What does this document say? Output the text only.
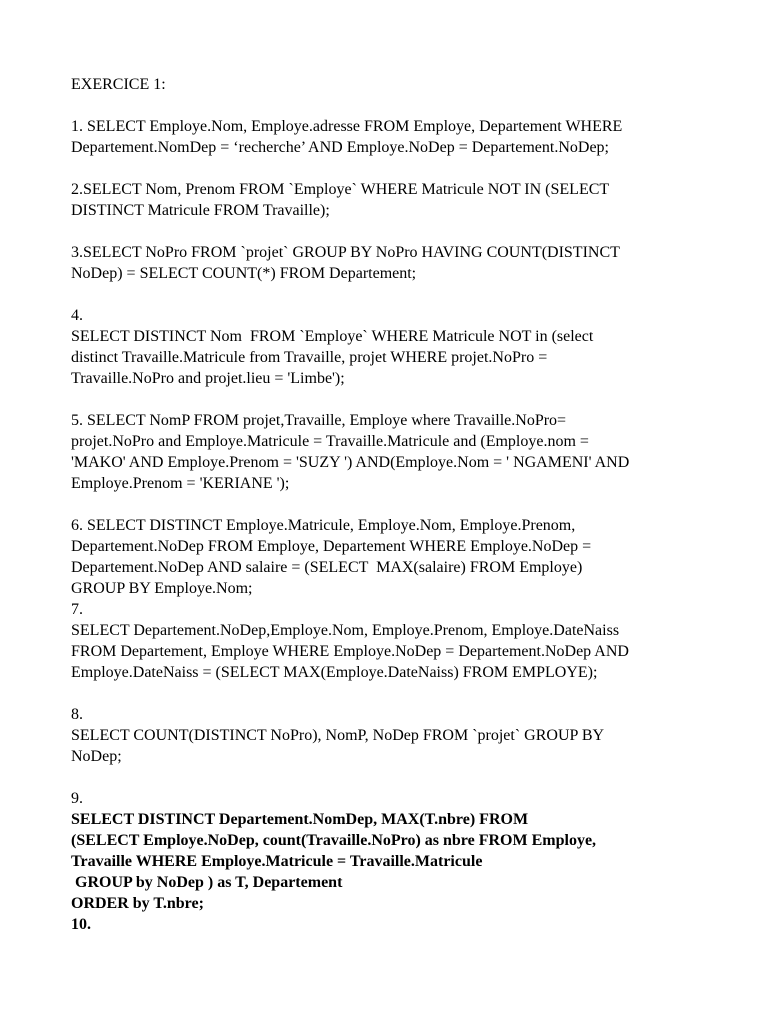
EXERCICE 1:
1. SELECT Employe.Nom, Employe.adresse FROM Employe, Departement WHERE
Departement.NomDep = ‘recherche’ AND Employe.NoDep = Departement.NoDep;
2.SELECT Nom, Prenom FROM `Employe` WHERE Matricule NOT IN (SELECT
DISTINCT Matricule FROM Travaille);
3.SELECT NoPro FROM `projet` GROUP BY NoPro HAVING COUNT(DISTINCT
NoDep) = SELECT COUNT(*) FROM Departement;
4.
SELECT DISTINCT Nom  FROM `Employe` WHERE Matricule NOT in (select
distinct Travaille.Matricule from Travaille, projet WHERE projet.NoPro =
Travaille.NoPro and projet.lieu = 'Limbe');
5. SELECT NomP FROM projet,Travaille, Employe where Travaille.NoPro=
projet.NoPro and Employe.Matricule = Travaille.Matricule and (Employe.nom =
'MAKO' AND Employe.Prenom = 'SUZY ') AND(Employe.Nom = ' NGAMENI' AND
Employe.Prenom = 'KERIANE ');
6. SELECT DISTINCT Employe.Matricule, Employe.Nom, Employe.Prenom,
Departement.NoDep FROM Employe, Departement WHERE Employe.NoDep =
Departement.NoDep AND salaire = (SELECT  MAX(salaire) FROM Employe)
GROUP BY Employe.Nom;
7.
SELECT Departement.NoDep,Employe.Nom, Employe.Prenom, Employe.DateNaiss
FROM Departement, Employe WHERE Employe.NoDep = Departement.NoDep AND
Employe.DateNaiss = (SELECT MAX(Employe.DateNaiss) FROM EMPLOYE);
8.
SELECT COUNT(DISTINCT NoPro), NomP, NoDep FROM `projet` GROUP BY
NoDep;
9.
SELECT DISTINCT Departement.NomDep, MAX(T.nbre) FROM
(SELECT Employe.NoDep, count(Travaille.NoPro) as nbre FROM Employe,
Travaille WHERE Employe.Matricule = Travaille.Matricule
GROUP by NoDep ) as T, Departement
ORDER by T.nbre;
10.
